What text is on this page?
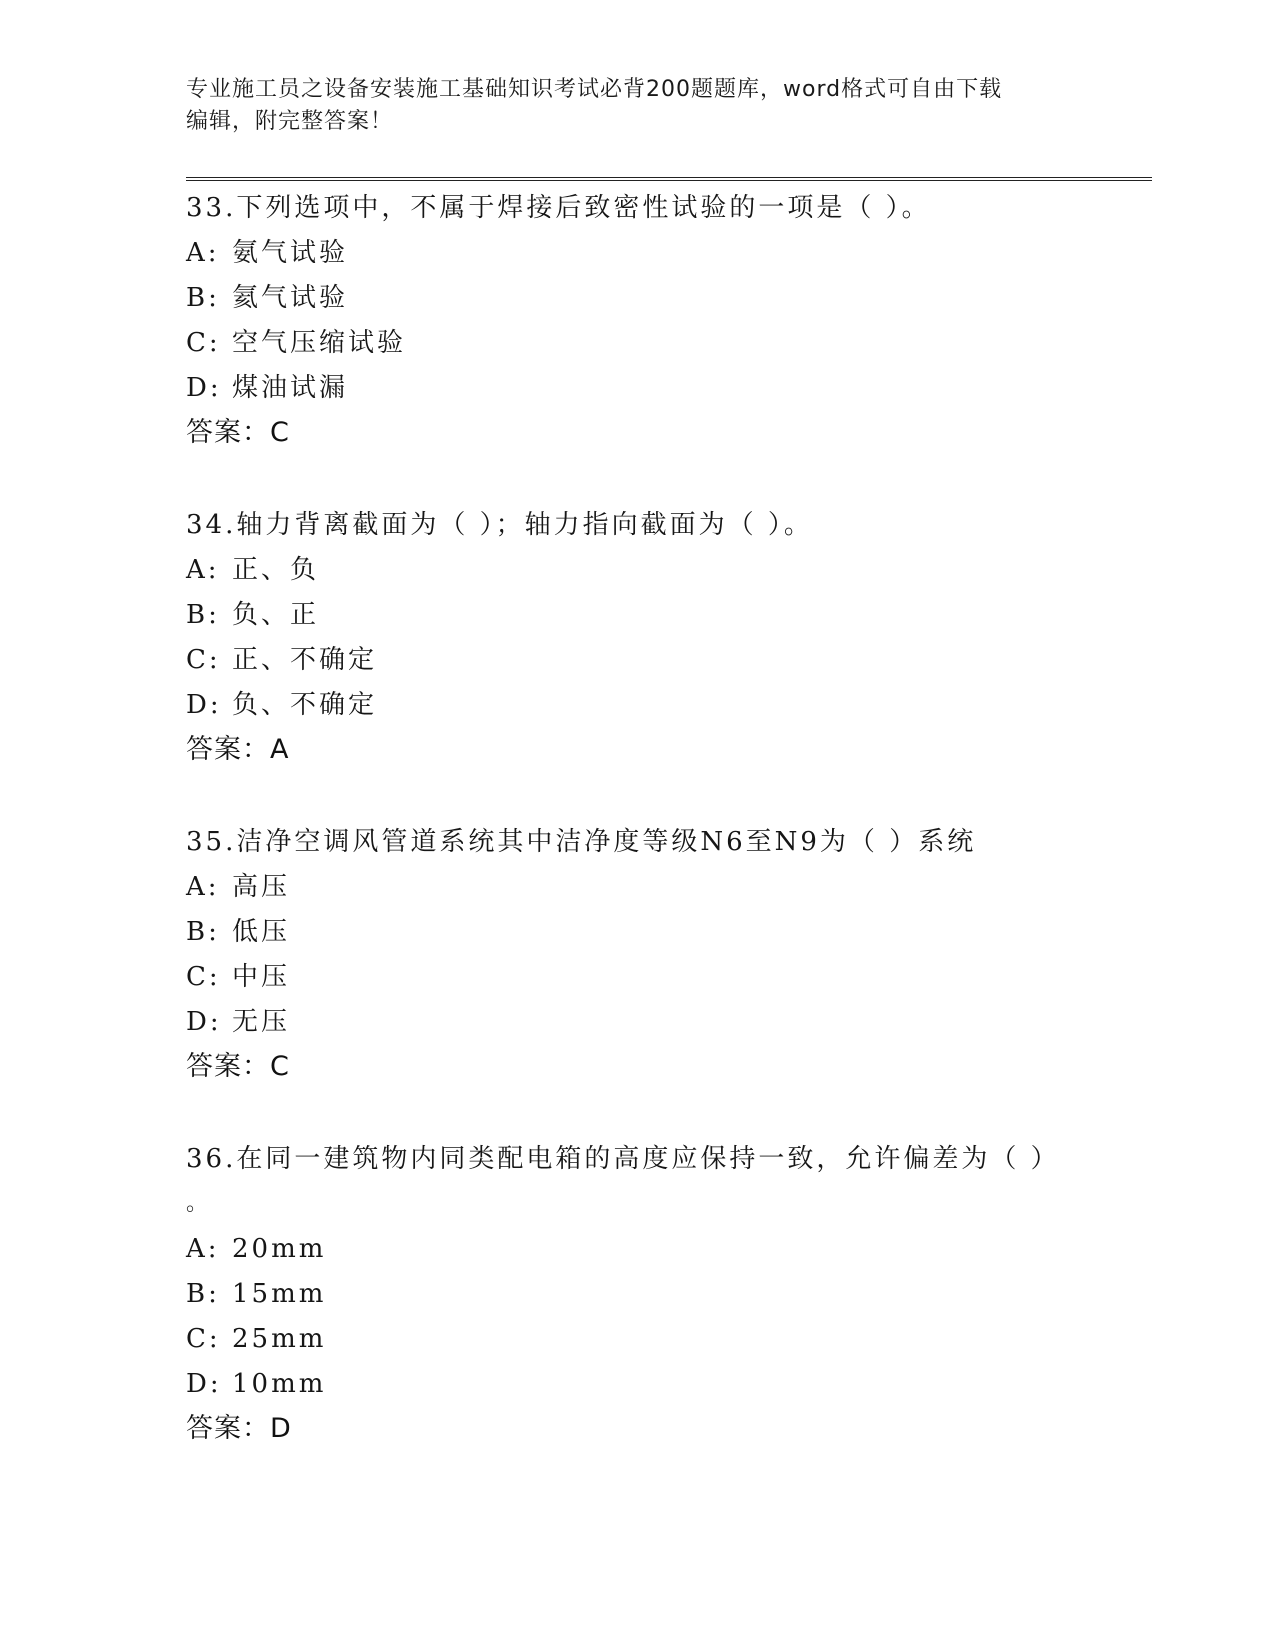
专业施工员之设备安装施工基础知识考试必背200题题库，word格式可自由下载
编辑，附完整答案！
33.下列选项中，不属于焊接后致密性试验的一项是（ ）。
A: 氨气试验
B: 氦气试验
C: 空气压缩试验
D: 煤油试漏
答案：C
34.轴力背离截面为（ ）；轴力指向截面为（ ）。
A: 正、负
B: 负、正
C: 正、不确定
D: 负、不确定
答案：A
35.洁净空调风管道系统其中洁净度等级N6至N9为（ ）系统
A: 高压
B: 低压
C: 中压
D: 无压
答案：C
36.在同一建筑物内同类配电箱的高度应保持一致，允许偏差为（ ）
。
A: 20mm
B: 15mm
C: 25mm
D: 10mm
答案：D
